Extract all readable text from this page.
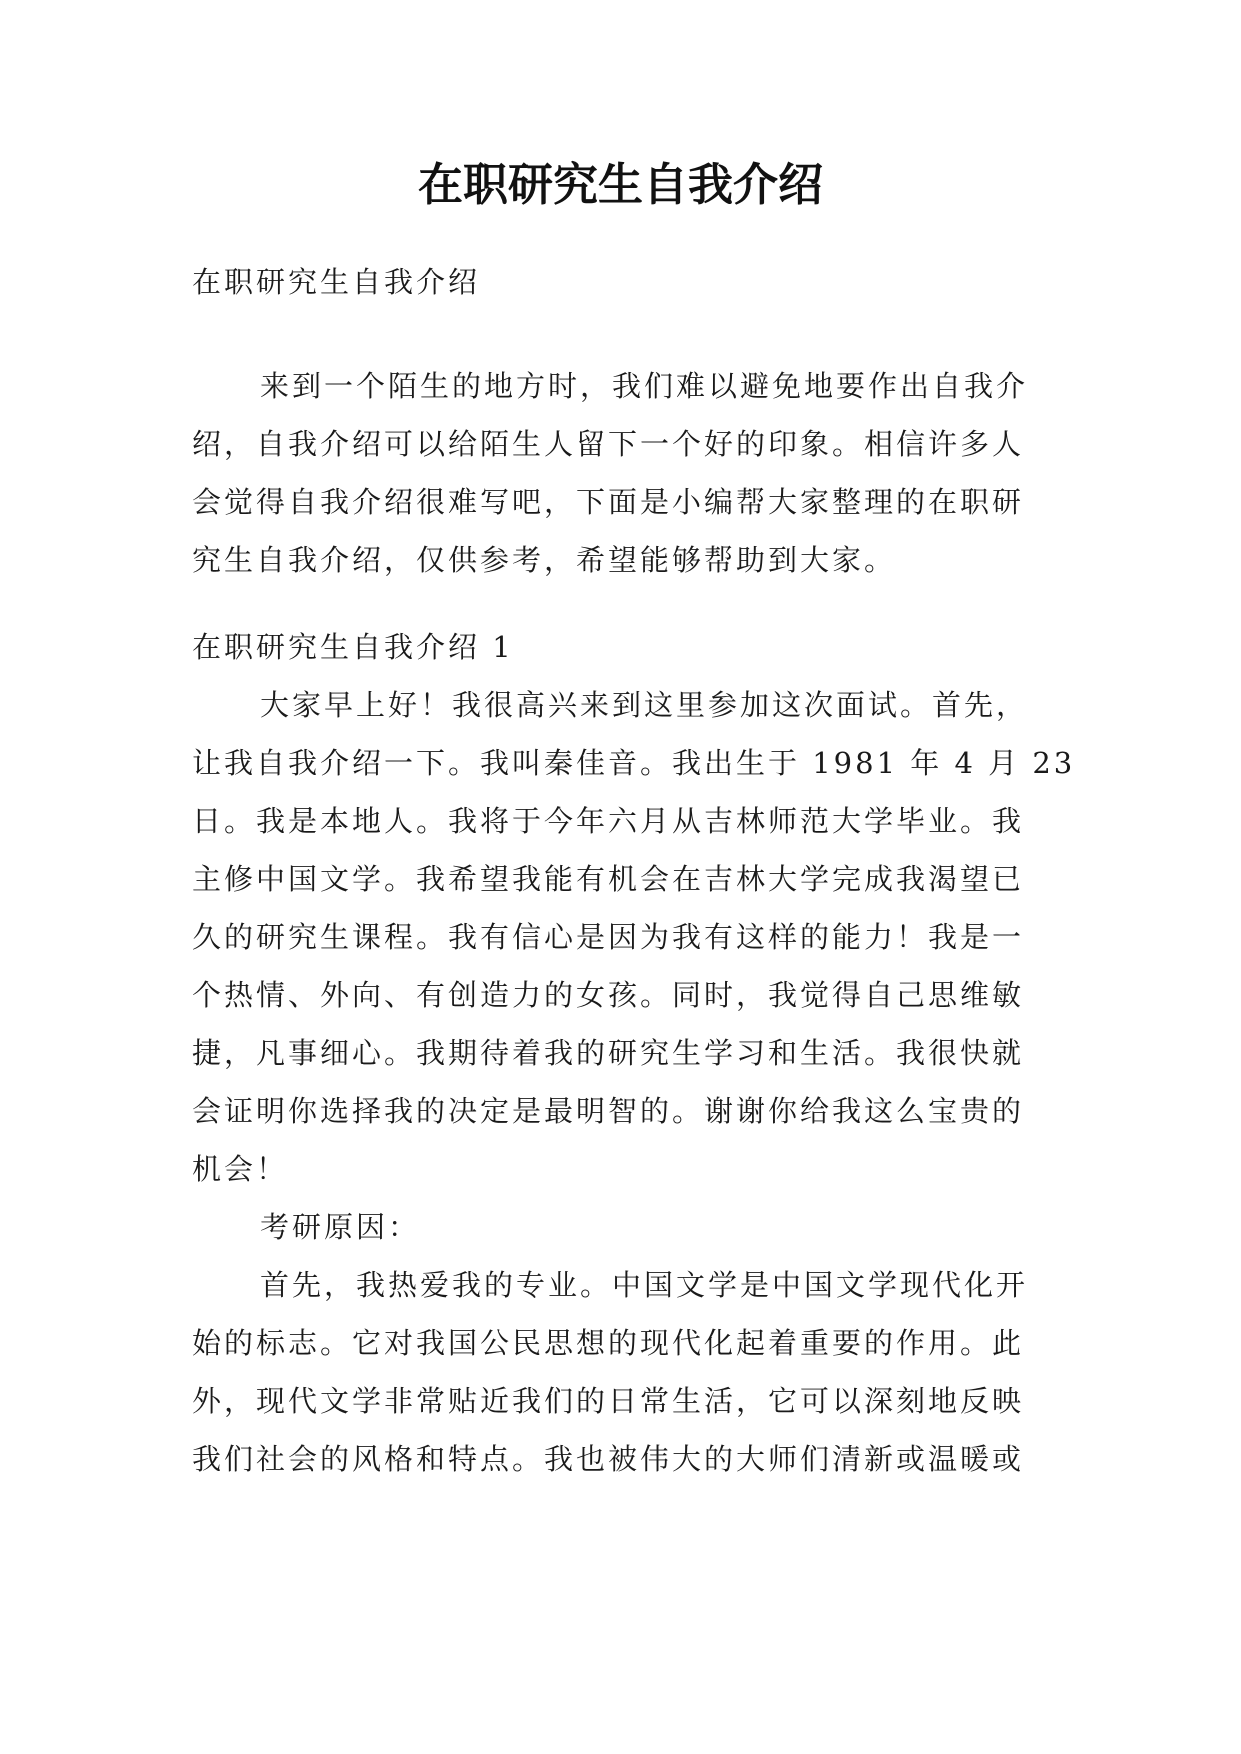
在职研究生自我介绍

在职研究生自我介绍

来到一个陌生的地方时，我们难以避免地要作出自我介
绍，自我介绍可以给陌生人留下一个好的印象。相信许多人
会觉得自我介绍很难写吧，下面是小编帮大家整理的在职研
究生自我介绍，仅供参考，希望能够帮助到大家。

在职研究生自我介绍 1
大家早上好！我很高兴来到这里参加这次面试。首先，
让我自我介绍一下。我叫秦佳音。我出生于 1981 年 4 月 23
日。我是本地人。我将于今年六月从吉林师范大学毕业。我
主修中国文学。我希望我能有机会在吉林大学完成我渴望已
久的研究生课程。我有信心是因为我有这样的能力！我是一
个热情、外向、有创造力的女孩。同时，我觉得自己思维敏
捷，凡事细心。我期待着我的研究生学习和生活。我很快就
会证明你选择我的决定是最明智的。谢谢你给我这么宝贵的
机会！
考研原因：
首先，我热爱我的专业。中国文学是中国文学现代化开
始的标志。它对我国公民思想的现代化起着重要的作用。此
外，现代文学非常贴近我们的日常生活，它可以深刻地反映
我们社会的风格和特点。我也被伟大的大师们清新或温暖或
